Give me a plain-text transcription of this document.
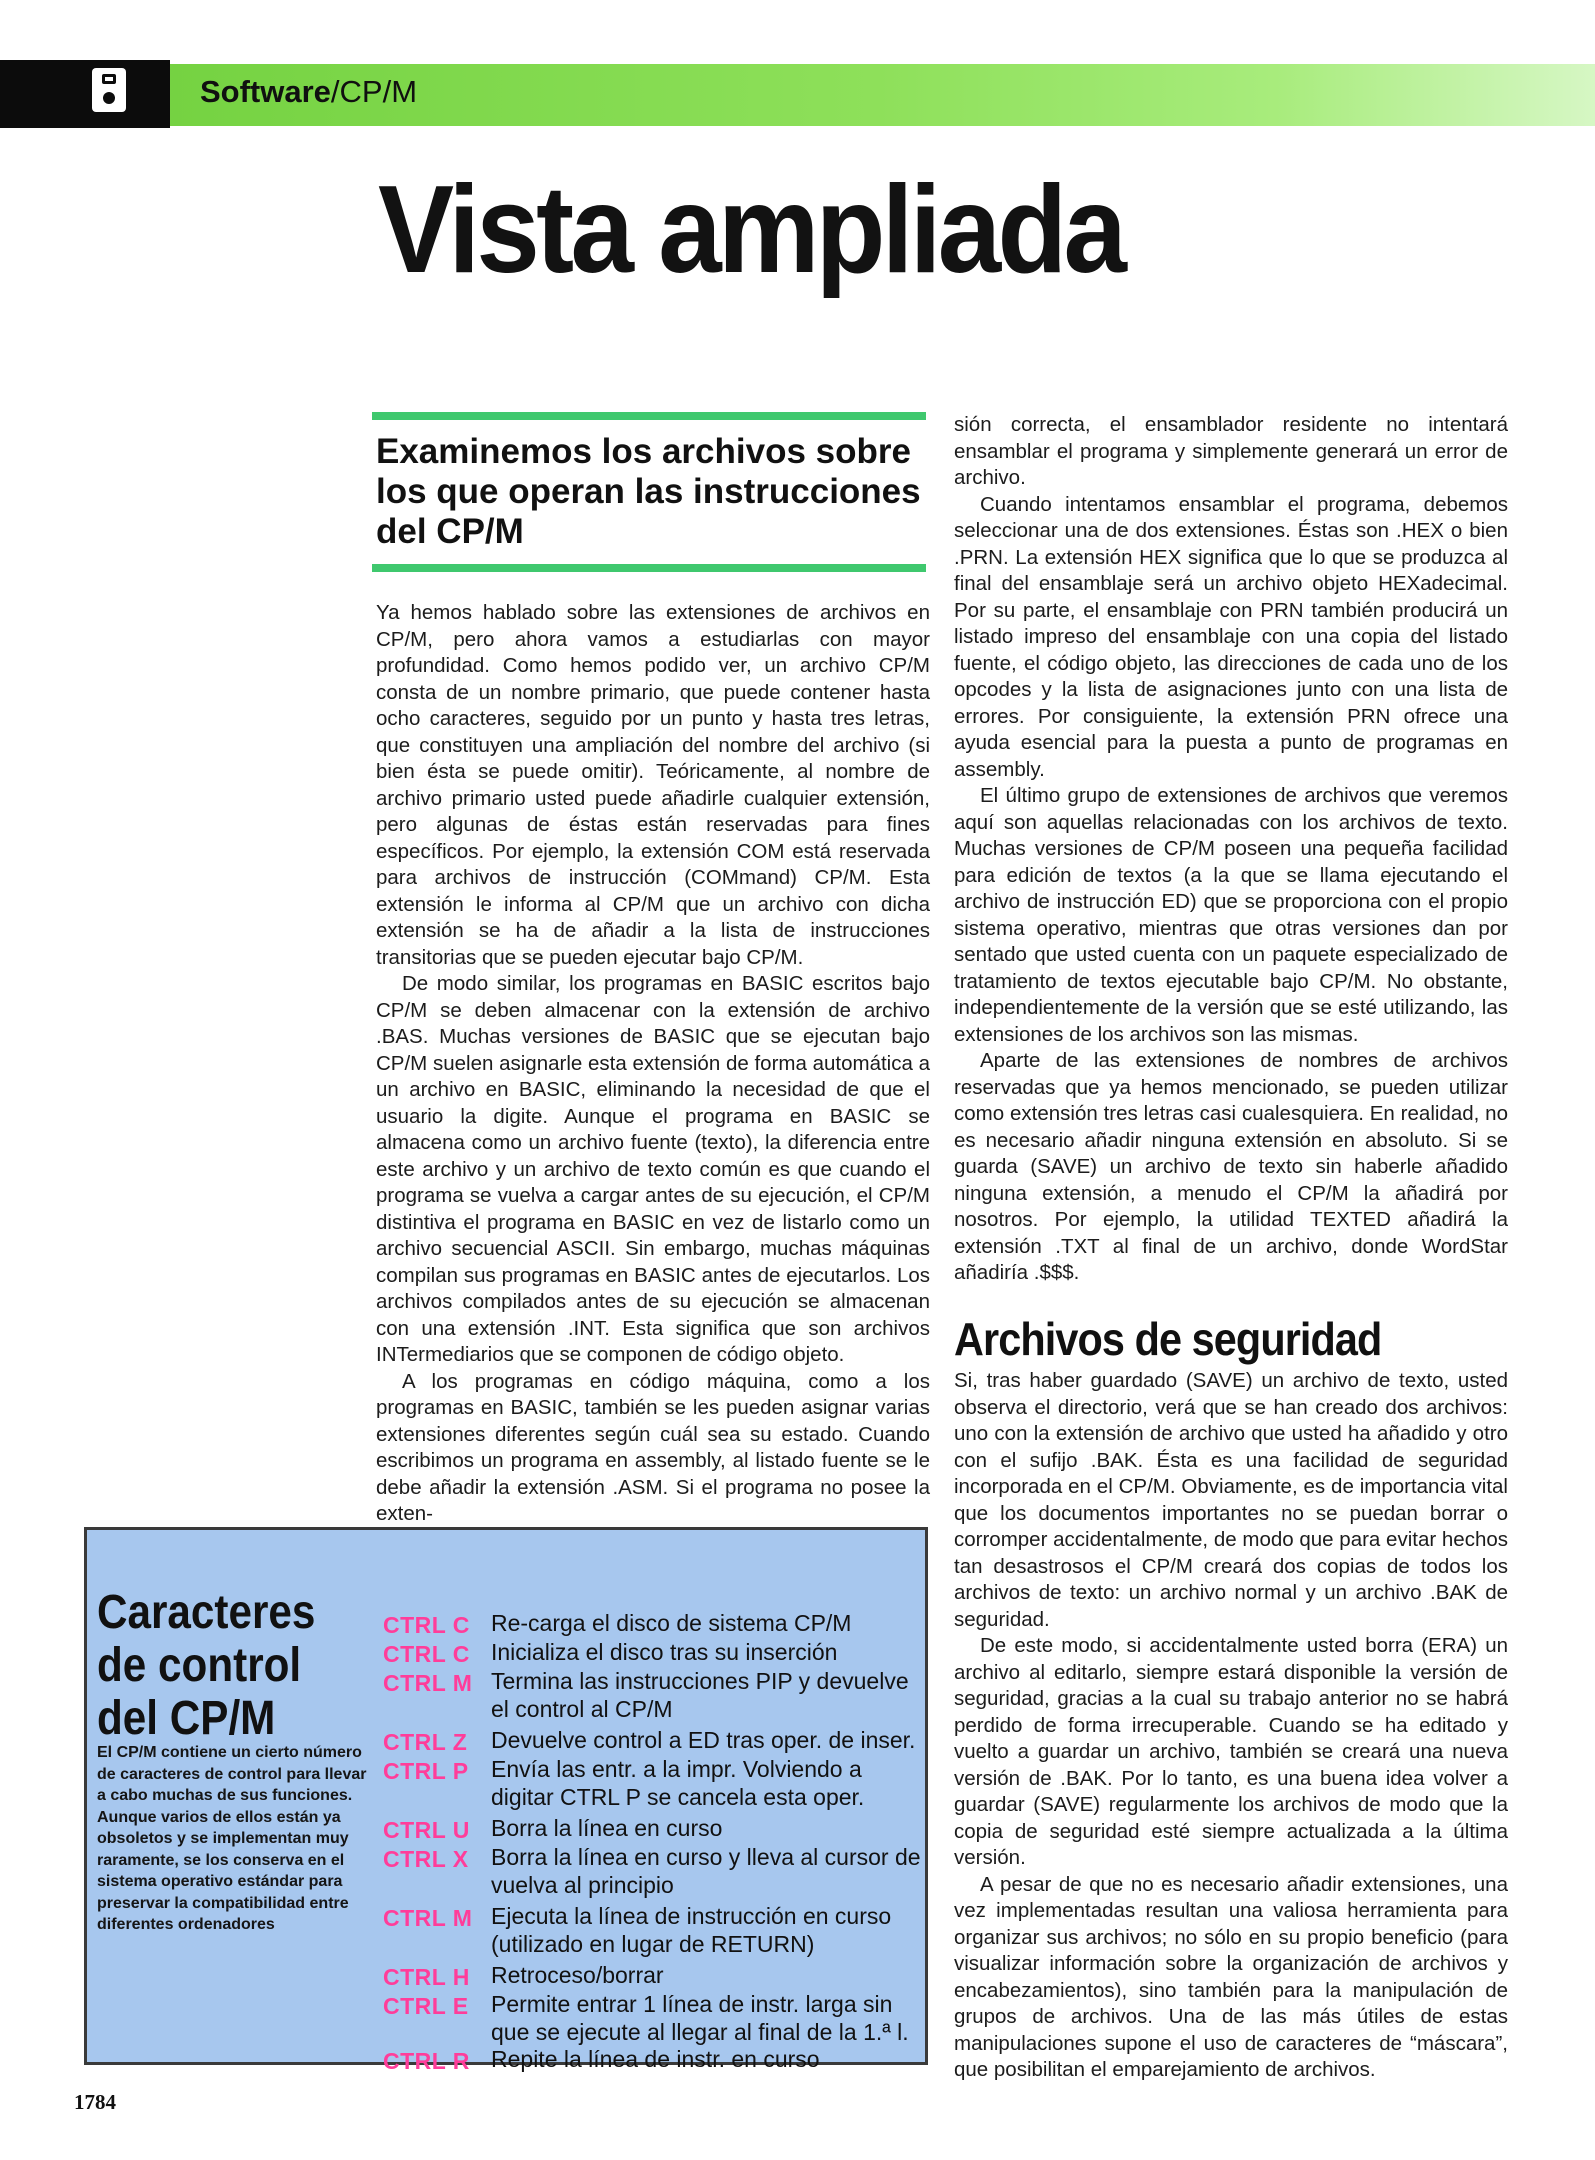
Software/CP/M
Vista ampliada
Examinemos los archivos sobre los que operan las instrucciones del CP/M

Ya hemos hablado sobre las extensiones de archivos en CP/M, pero ahora vamos a estudiarlas con mayor profundidad. Como hemos podido ver, un archivo CP/M consta de un nombre primario, que puede contener hasta ocho caracteres, seguido por un punto y hasta tres letras, que constituyen una ampliación del nombre del archivo (si bien ésta se puede omitir). Teóricamente, al nombre de archivo primario usted puede añadirle cualquier extensión, pero algunas de éstas están reservadas para fines específicos. Por ejemplo, la extensión COM está reservada para archivos de instrucción (COMmand) CP/M. Esta extensión le informa al CP/M que un archivo con dicha extensión se ha de añadir a la lista de instrucciones transitorias que se pueden ejecutar bajo CP/M.

De modo similar, los programas en BASIC escritos bajo CP/M se deben almacenar con la extensión de archivo .BAS. Muchas versiones de BASIC que se ejecutan bajo CP/M suelen asignarle esta extensión de forma automática a un archivo en BASIC, eliminando la necesidad de que el usuario la digite. Aunque el programa en BASIC se almacena como un archivo fuente (texto), la diferencia entre este archivo y un archivo de texto común es que cuando el programa se vuelva a cargar antes de su ejecución, el CP/M distintiva el programa en BASIC en vez de listarlo como un archivo secuencial ASCII. Sin embargo, muchas máquinas compilan sus programas en BASIC antes de ejecutarlos. Los archivos compilados antes de su ejecución se almacenan con una extensión .INT. Esta significa que son archivos INTermediarios que se componen de código objeto.

A los programas en código máquina, como a los programas en BASIC, también se les pueden asignar varias extensiones diferentes según cuál sea su estado. Cuando escribimos un programa en assembly, al listado fuente se le debe añadir la extensión .ASM. Si el programa no posee la exten-

sión correcta, el ensamblador residente no intentará ensamblar el programa y simplemente generará un error de archivo.

Cuando intentamos ensamblar el programa, debemos seleccionar una de dos extensiones. Éstas son .HEX o bien .PRN. La extensión HEX significa que lo que se produzca al final del ensamblaje será un archivo objeto HEXadecimal. Por su parte, el ensamblaje con PRN también producirá un listado impreso del ensamblaje con una copia del listado fuente, el código objeto, las direcciones de cada uno de los opcodes y la lista de asignaciones junto con una lista de errores. Por consiguiente, la extensión PRN ofrece una ayuda esencial para la puesta a punto de programas en assembly.

El último grupo de extensiones de archivos que veremos aquí son aquellas relacionadas con los archivos de texto. Muchas versiones de CP/M poseen una pequeña facilidad para edición de textos (a la que se llama ejecutando el archivo de instrucción ED) que se proporciona con el propio sistema operativo, mientras que otras versiones dan por sentado que usted cuenta con un paquete especializado de tratamiento de textos ejecutable bajo CP/M. No obstante, independientemente de la versión que se esté utilizando, las extensiones de los archivos son las mismas.

Aparte de las extensiones de nombres de archivos reservadas que ya hemos mencionado, se pueden utilizar como extensión tres letras casi cualesquiera. En realidad, no es necesario añadir ninguna extensión en absoluto. Si se guarda (SAVE) un archivo de texto sin haberle añadido ninguna extensión, a menudo el CP/M la añadirá por nosotros. Por ejemplo, la utilidad TEXTED añadirá la extensión .TXT al final de un archivo, donde WordStar añadiría .$$$.

Archivos de seguridad

Si, tras haber guardado (SAVE) un archivo de texto, usted observa el directorio, verá que se han creado dos archivos: uno con la extensión de archivo que usted ha añadido y otro con el sufijo .BAK. Ésta es una facilidad de seguridad incorporada en el CP/M. Obviamente, es de importancia vital que los documentos importantes no se puedan borrar o corromper accidentalmente, de modo que para evitar hechos tan desastrosos el CP/M creará dos copias de todos los archivos de texto: un archivo normal y un archivo .BAK de seguridad.

De este modo, si accidentalmente usted borra (ERA) un archivo al editarlo, siempre estará disponible la versión de seguridad, gracias a la cual su trabajo anterior no se habrá perdido de forma irrecuperable. Cuando se ha editado y vuelto a guardar un archivo, también se creará una nueva versión de .BAK. Por lo tanto, es una buena idea volver a guardar (SAVE) regularmente los archivos de modo que la copia de seguridad esté siempre actualizada a la última versión.

A pesar de que no es necesario añadir extensiones, una vez implementadas resultan una valiosa herramienta para organizar sus archivos; no sólo en su propio beneficio (para visualizar información sobre la organización de archivos y encabezamientos), sino también para la manipulación de grupos de archivos. Una de las más útiles de estas manipulaciones supone el uso de caracteres de “máscara”, que posibilitan el emparejamiento de archivos.

Caracteres
de control
del CP/M
El CP/M contiene un cierto número de caracteres de control para llevar a cabo muchas de sus funciones. Aunque varios de ellos están ya obsoletos y se implementan muy raramente, se los conserva en el sistema operativo estándar para preservar la compatibilidad entre diferentes ordenadores
CTRL C Re-carga el disco de sistema CP/M
CTRL C Inicializa el disco tras su inserción
CTRL M Termina las instrucciones PIP y devuelve el control al CP/M
CTRL Z	Devuelve control a ED tras oper. de inser.
CTRL P Envía las entr. a la impr. Volviendo a digitar CTRL P se cancela esta oper.
CTRL U Borra la línea en curso
CTRL X Borra la línea en curso y lleva al cursor de vuelva al principio
CTRL M Ejecuta la línea de instrucción en curso (utilizado en lugar de RETURN)
CTRL H Retroceso/borrar
CTRL E Permite entrar 1 línea de instr. larga sin que se ejecute al llegar al final de la 1.ª l.
CTRL R Repite la línea de instr. en curso
1784
